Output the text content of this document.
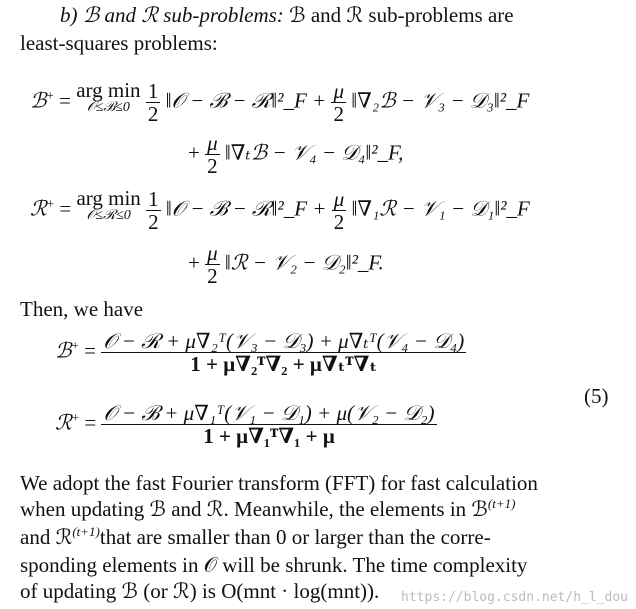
b) ℬ and ℛ sub-problems: ℬ and ℛ sub-problems are
least-squares problems:
ℬ+ = arg min
𝒪≤ℬ≤0
$\frac{1}{2}$ ‖𝒪 − ℬ − ℛ‖²_F + $\frac{\mu}{2}$ ‖∇₂ℬ − 𝒱₃ − 𝒟₃‖²_F
+ $\frac{\mu}{2}$ ‖∇ₜℬ − 𝒱₄ − 𝒟₄‖²_F,
ℛ+ = arg min
𝒪≤ℛ≤0
$\frac{1}{2}$ ‖𝒪 − ℬ − ℛ‖²_F + $\frac{\mu}{2}$ ‖∇₁ℛ − 𝒱₁ − 𝒟₁‖²_F
+ $\frac{\mu}{2}$ ‖ℛ − 𝒱₂ − 𝒟₂‖²_F.
Then, we have
ℬ+ = $\frac{\text{𝒪 − ℛ + μ∇₂ᵀ(𝒱₃ − 𝒟₃) + μ∇ₜᵀ(𝒱₄ − 𝒟₄)}}{\text{1 + μ∇₂ᵀ∇₂ + μ∇ₜᵀ∇ₜ}}$
ℛ+ = $\frac{\text{𝒪 − ℬ + μ∇₁ᵀ(𝒱₁ − 𝒟₁) + μ(𝒱₂ − 𝒟₂)}}{\text{1 + μ∇₁ᵀ∇₁ + μ}}$
(5)
We adopt the fast Fourier transform (FFT) for fast calculation
when updating ℬ and ℛ. Meanwhile, the elements in ℬ$^{(t+1)}$
and ℛ$^{(t+1)}$that are smaller than 0 or larger than the corre-
sponding elements in 𝒪 will be shrunk. The time complexity
of updating ℬ (or ℛ) is O(mnt · log(mnt)). https://blog.csdn.net/h_l_dou
